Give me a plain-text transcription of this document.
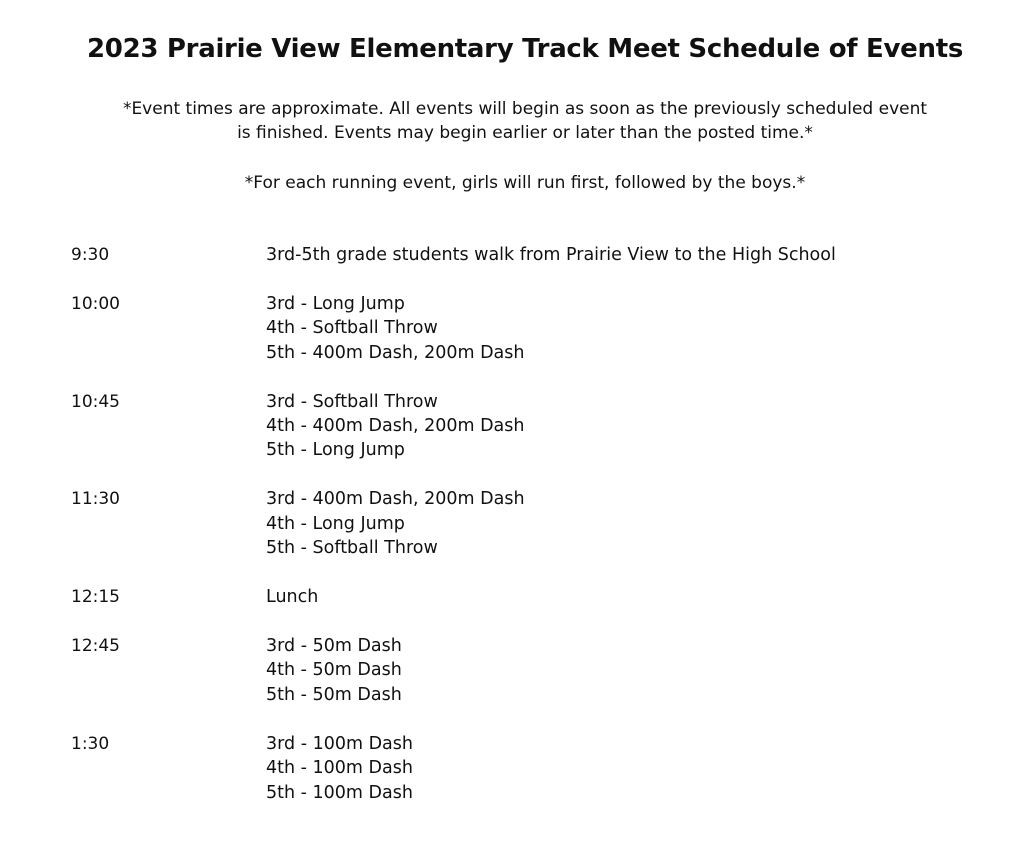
2023 Prairie View Elementary Track Meet Schedule of Events
*Event times are approximate. All events will begin as soon as the previously scheduled event
is finished. Events may begin earlier or later than the posted time.*
*For each running event, girls will run first, followed by the boys.*
9:30	3rd-5th grade students walk from Prairie View to the High School
10:00	3rd - Long Jump
4th - Softball Throw
5th - 400m Dash, 200m Dash
10:45	3rd - Softball Throw
4th - 400m Dash, 200m Dash
5th - Long Jump
11:30	3rd - 400m Dash, 200m Dash
4th - Long Jump
5th - Softball Throw
12:15	Lunch
12:45	3rd - 50m Dash
4th - 50m Dash
5th - 50m Dash
1:30	3rd - 100m Dash
4th - 100m Dash
5th - 100m Dash
